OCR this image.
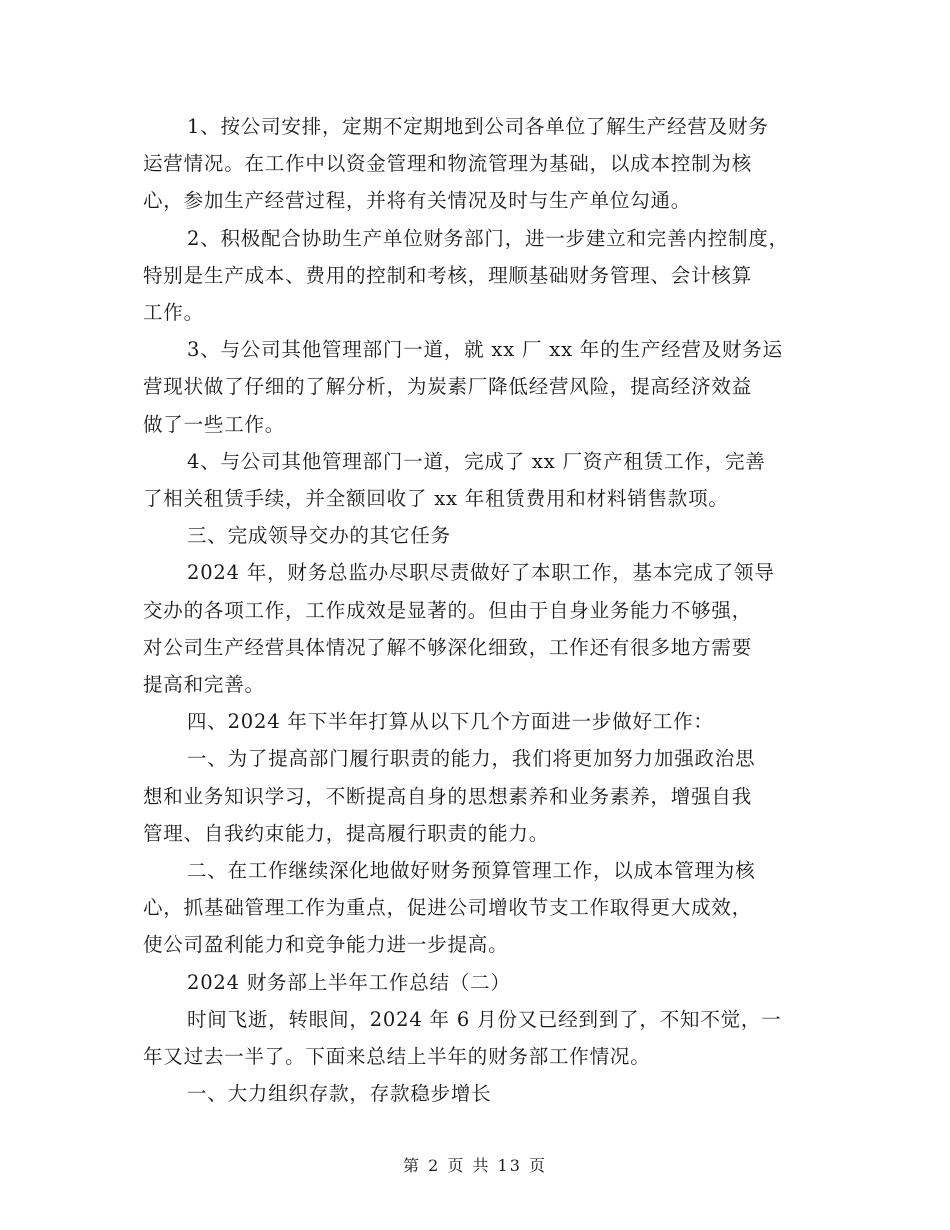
1、按公司安排，定期不定期地到公司各单位了解生产经营及财务

运营情况。在工作中以资金管理和物流管理为基础，以成本控制为核

心，参加生产经营过程，并将有关情况及时与生产单位勾通。

2、积极配合协助生产单位财务部门，进一步建立和完善内控制度，

特别是生产成本、费用的控制和考核，理顺基础财务管理、会计核算

工作。

3、与公司其他管理部门一道，就 xx 厂 xx 年的生产经营及财务运

营现状做了仔细的了解分析，为炭素厂降低经营风险，提高经济效益

做了一些工作。

4、与公司其他管理部门一道，完成了 xx 厂资产租赁工作，完善

了相关租赁手续，并全额回收了 xx 年租赁费用和材料销售款项。

三、完成领导交办的其它任务

2024 年，财务总监办尽职尽责做好了本职工作，基本完成了领导

交办的各项工作，工作成效是显著的。但由于自身业务能力不够强，

对公司生产经营具体情况了解不够深化细致，工作还有很多地方需要

提高和完善。

四、2024 年下半年打算从以下几个方面进一步做好工作：

一、为了提高部门履行职责的能力，我们将更加努力加强政治思

想和业务知识学习，不断提高自身的思想素养和业务素养，增强自我

管理、自我约束能力，提高履行职责的能力。

二、在工作继续深化地做好财务预算管理工作，以成本管理为核

心，抓基础管理工作为重点，促进公司增收节支工作取得更大成效，

使公司盈利能力和竞争能力进一步提高。

2024 财务部上半年工作总结（二）

时间飞逝，转眼间，2024 年 6 月份又已经到到了，不知不觉，一

年又过去一半了。下面来总结上半年的财务部工作情况。

一、大力组织存款，存款稳步增长

第 2 页 共 13 页
